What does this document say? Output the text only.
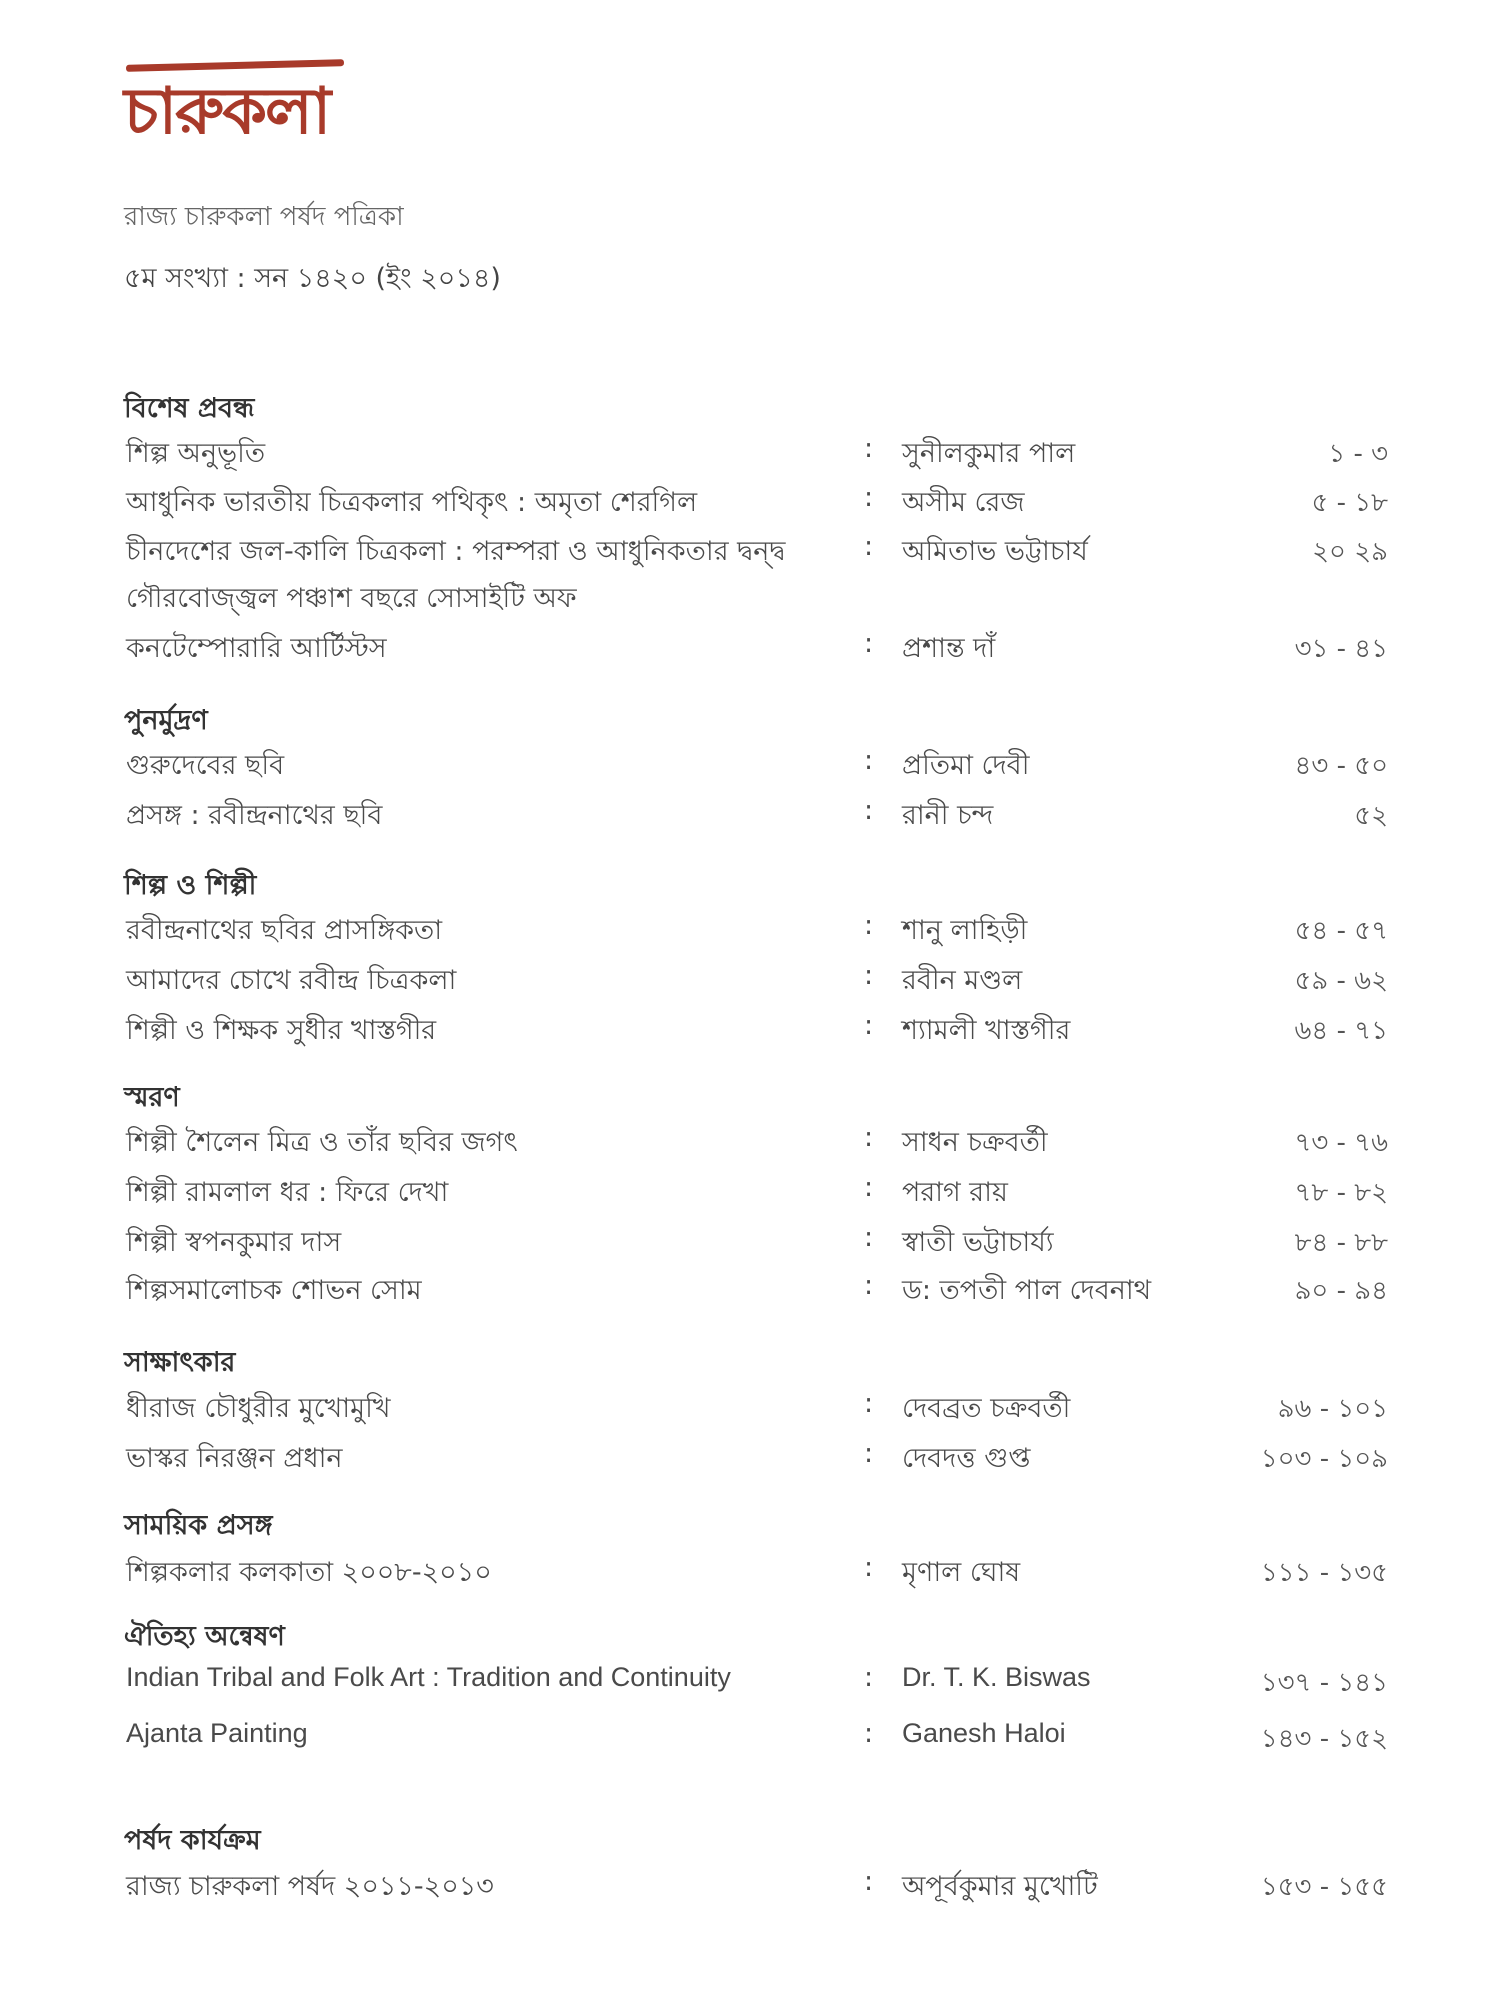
চারুকলা
রাজ্য চারুকলা পর্ষদ পত্রিকা
৫ম সংখ্যা : সন ১৪২০ (ইং ২০১৪)
বিশেষ প্রবন্ধ
শিল্প অনুভূতি	: সুনীলকুমার পাল	১ - ৩
আধুনিক ভারতীয় চিত্রকলার পথিকৃৎ : অমৃতা শেরগিল	: অসীম রেজ	৫ - ১৮
চীনদেশের জল-কালি চিত্রকলা : পরম্পরা ও আধুনিকতার দ্বন্দ্ব	: অমিতাভ ভট্টাচার্য	২০ ২৯
গৌরবোজ্জ্বল পঞ্চাশ বছরে সোসাইটি অফ
কনটেম্পোরারি আর্টিস্টস	: প্রশান্ত দাঁ	৩১ - ৪১
পুনর্মুদ্রণ
গুরুদেবের ছবি	: প্রতিমা দেবী	৪৩ - ৫০
প্রসঙ্গ : রবীন্দ্রনাথের ছবি	: রানী চন্দ	৫২
শিল্প ও শিল্পী
রবীন্দ্রনাথের ছবির প্রাসঙ্গিকতা	: শানু লাহিড়ী	৫৪ - ৫৭
আমাদের চোখে রবীন্দ্র চিত্রকলা	: রবীন মণ্ডল	৫৯ - ৬২
শিল্পী ও শিক্ষক সুধীর খাস্তগীর	: শ্যামলী খাস্তগীর	৬৪ - ৭১
স্মরণ
শিল্পী শৈলেন মিত্র ও তাঁর ছবির জগৎ	: সাধন চক্রবর্তী	৭৩ - ৭৬
শিল্পী রামলাল ধর : ফিরে দেখা	: পরাগ রায়	৭৮ - ৮২
শিল্পী স্বপনকুমার দাস	: স্বাতী ভট্টাচার্য্য	৮৪ - ৮৮
শিল্পসমালোচক শোভন সোম	: ড: তপতী পাল দেবনাথ	৯০ - ৯৪
সাক্ষাৎকার
ধীরাজ চৌধুরীর মুখোমুখি	: দেবব্রত চক্রবর্তী	৯৬ - ১০১
ভাস্কর নিরঞ্জন প্রধান	: দেবদত্ত গুপ্ত	১০৩ - ১০৯
সাময়িক প্রসঙ্গ
শিল্পকলার কলকাতা ২০০৮-২০১০	: মৃণাল ঘোষ	১১১ - ১৩৫
ঐতিহ্য অন্বেষণ
Indian Tribal and Folk Art : Tradition and Continuity	: Dr. T. K. Biswas	১৩৭ - ১৪১
Ajanta Painting	: Ganesh Haloi	১৪৩ - ১৫২
পর্ষদ কার্যক্রম
রাজ্য চারুকলা পর্ষদ ২০১১-২০১৩	: অপূর্বকুমার মুখোটি	১৫৩ - ১৫৫
